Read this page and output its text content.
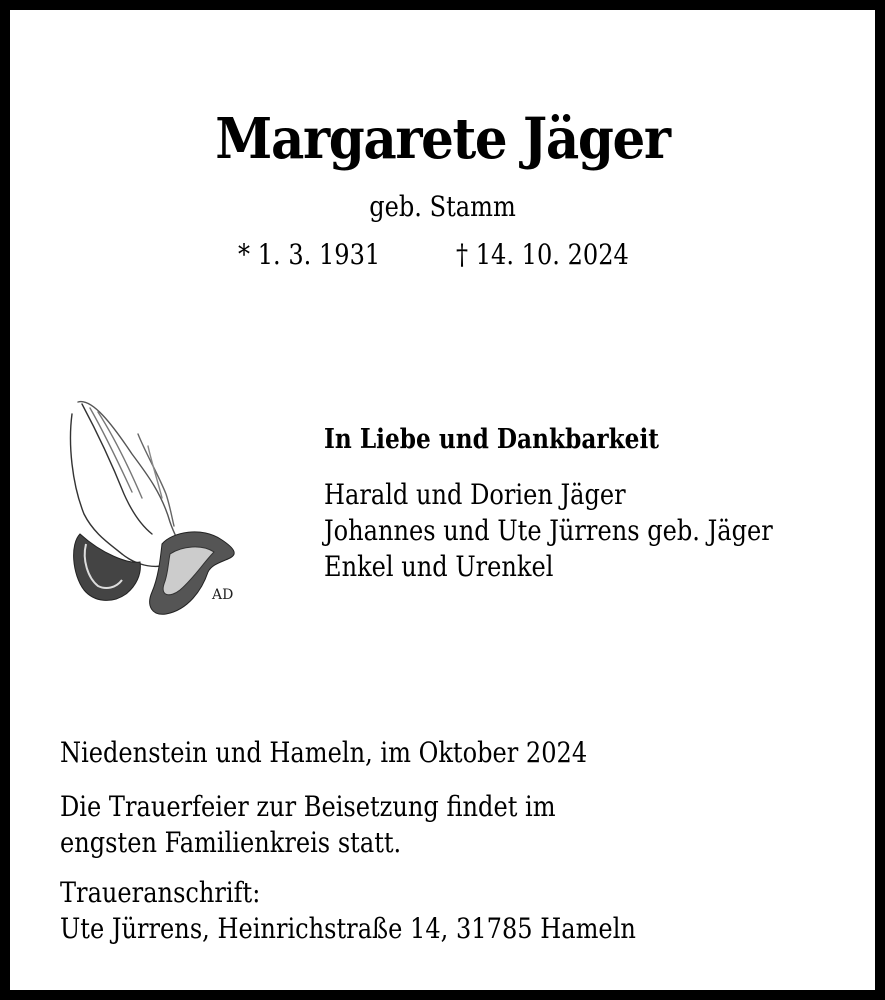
Margarete Jäger
geb. Stamm
* 1. 3. 1931	† 14. 10. 2024
AD
In Liebe und Dankbarkeit
Harald und Dorien Jäger
Johannes und Ute Jürrens geb. Jäger
Enkel und Urenkel
Niedenstein und Hameln, im Oktober 2024
Die Trauerfeier zur Beisetzung findet im
engsten Familienkreis statt.
Traueranschrift:
Ute Jürrens, Heinrichstraße 14, 31785 Hameln
